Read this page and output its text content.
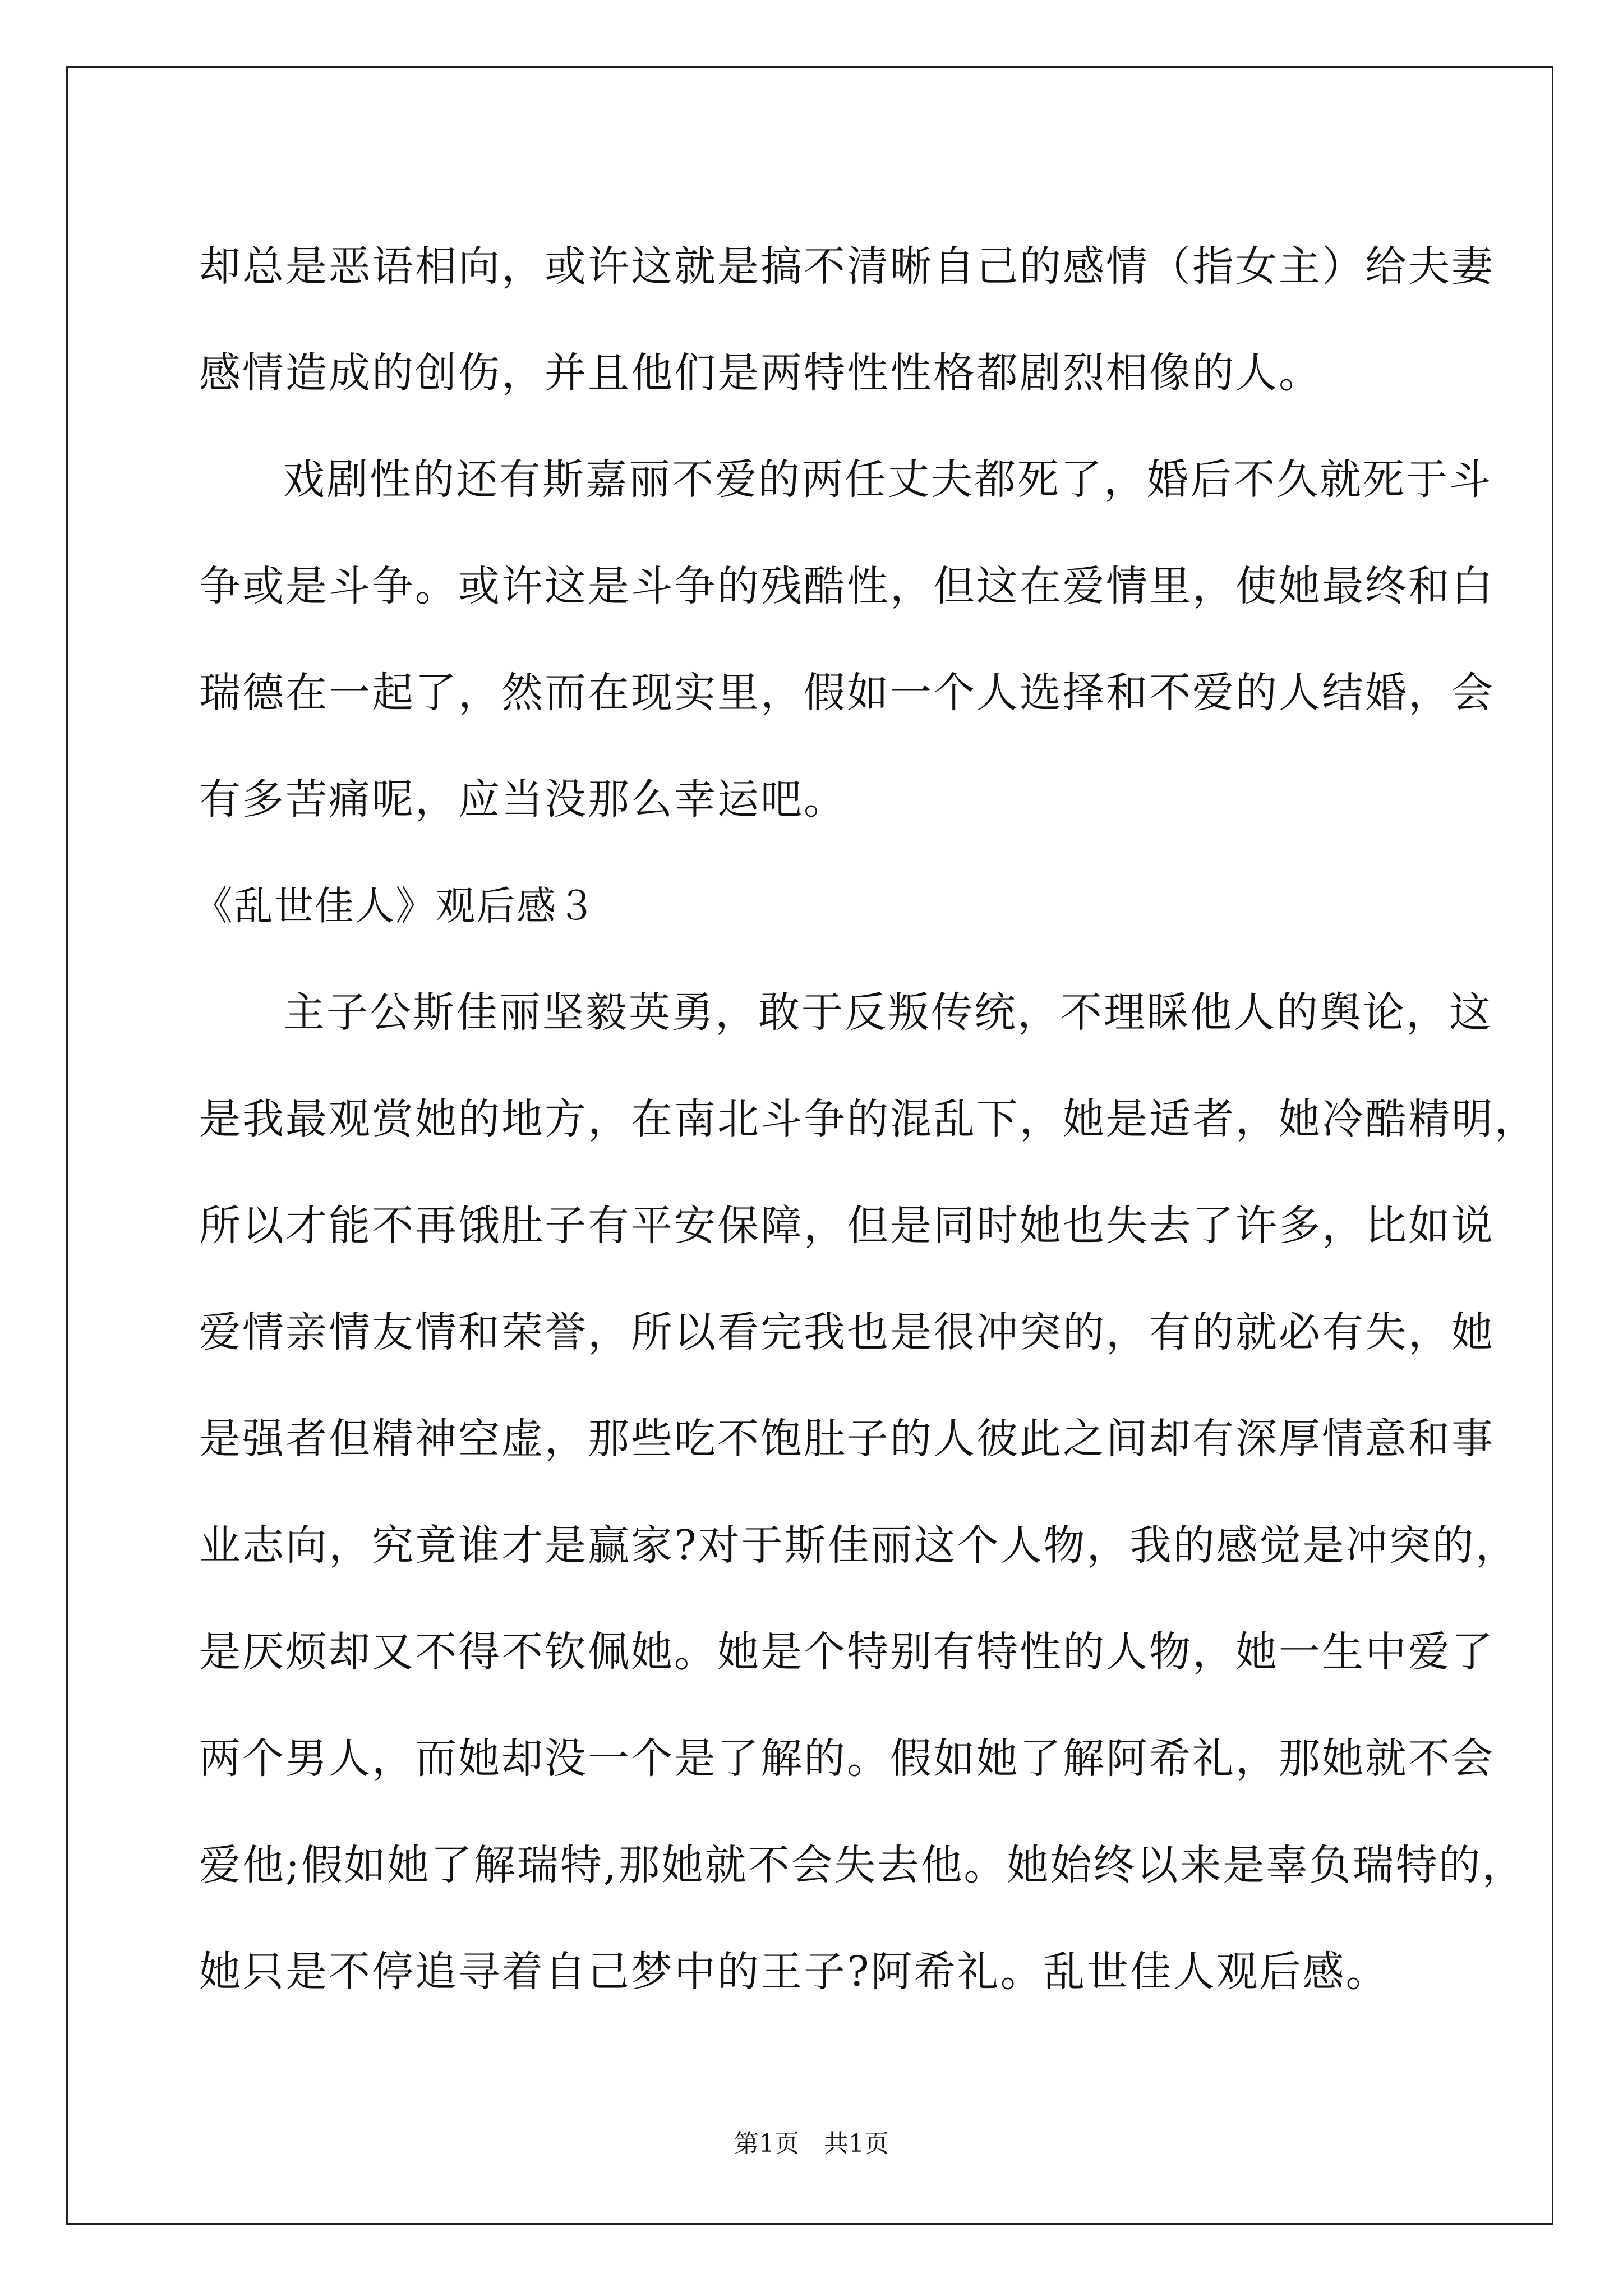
却总是恶语相向，或许这就是搞不清晰自己的感情（指女主）给夫妻
感情造成的创伤，并且他们是两特性性格都剧烈相像的人。
戏剧性的还有斯嘉丽不爱的两任丈夫都死了，婚后不久就死于斗
争或是斗争。或许这是斗争的残酷性，但这在爱情里，使她最终和白
瑞德在一起了，然而在现实里，假如一个人选择和不爱的人结婚，会
有多苦痛呢，应当没那么幸运吧。
《乱世佳人》观后感３
主子公斯佳丽坚毅英勇，敢于反叛传统，不理睬他人的舆论，这
是我最观赏她的地方，在南北斗争的混乱下，她是适者，她冷酷精明，
所以才能不再饿肚子有平安保障，但是同时她也失去了许多，比如说
爱情亲情友情和荣誉，所以看完我也是很冲突的，有的就必有失，她
是强者但精神空虚，那些吃不饱肚子的人彼此之间却有深厚情意和事
业志向，究竟谁才是赢家?对于斯佳丽这个人物，我的感觉是冲突的，
是厌烦却又不得不钦佩她。她是个特别有特性的人物，她一生中爱了
两个男人，而她却没一个是了解的。假如她了解阿希礼，那她就不会
爱他;假如她了解瑞特,那她就不会失去他。她始终以来是辜负瑞特的，
她只是不停追寻着自己梦中的王子?阿希礼。乱世佳人观后感。
第1页　共1页
